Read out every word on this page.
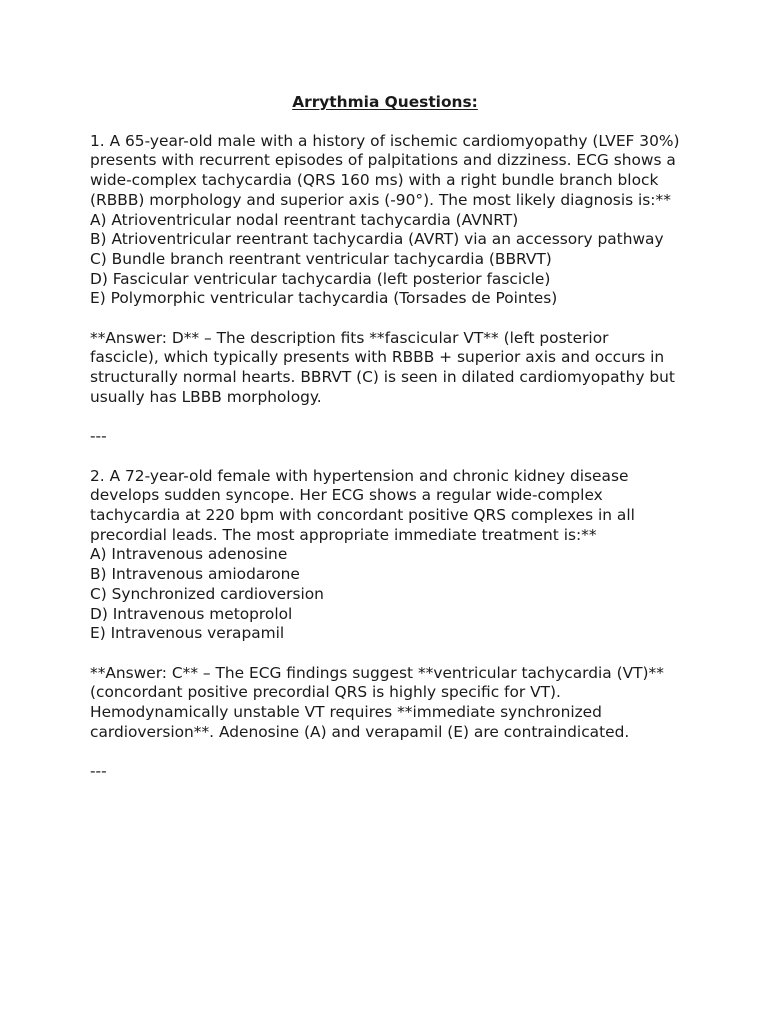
Arrythmia Questions:

1. A 65-year-old male with a history of ischemic cardiomyopathy (LVEF 30%) presents with recurrent episodes of palpitations and dizziness. ECG shows a wide-complex tachycardia (QRS 160 ms) with a right bundle branch block (RBBB) morphology and superior axis (-90°). The most likely diagnosis is:**

A) Atrioventricular nodal reentrant tachycardia (AVNRT)
B) Atrioventricular reentrant tachycardia (AVRT) via an accessory pathway
C) Bundle branch reentrant ventricular tachycardia (BBRVT)
D) Fascicular ventricular tachycardia (left posterior fascicle)
E) Polymorphic ventricular tachycardia (Torsades de Pointes)

**Answer: D** – The description fits **fascicular VT** (left posterior fascicle), which typically presents with RBBB + superior axis and occurs in structurally normal hearts. BBRVT (C) is seen in dilated cardiomyopathy but usually has LBBB morphology.

---

2. A 72-year-old female with hypertension and chronic kidney disease develops sudden syncope. Her ECG shows a regular wide-complex tachycardia at 220 bpm with concordant positive QRS complexes in all precordial leads. The most appropriate immediate treatment is:**

A) Intravenous adenosine
B) Intravenous amiodarone
C) Synchronized cardioversion
D) Intravenous metoprolol
E) Intravenous verapamil

**Answer: C** – The ECG findings suggest **ventricular tachycardia (VT)** (concordant positive precordial QRS is highly specific for VT). Hemodynamically unstable VT requires **immediate synchronized cardioversion**. Adenosine (A) and verapamil (E) are contraindicated.

---
